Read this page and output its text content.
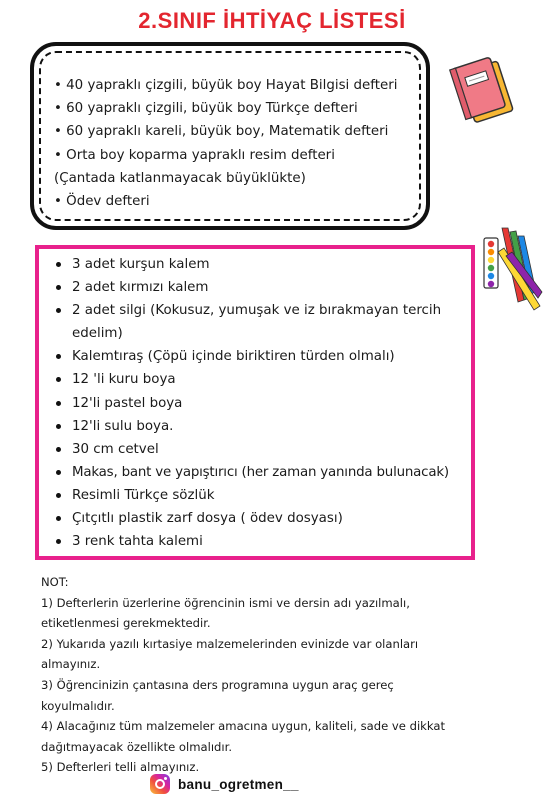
2.SINIF İHTİYAÇ LİSTESİ
• 40 yapraklı çizgili, büyük boy Hayat Bilgisi defteri
• 60 yapraklı çizgili, büyük boy Türkçe defteri
• 60 yapraklı kareli, büyük boy, Matematik defteri
• Orta boy koparma yapraklı resim defteri
(Çantada katlanmayacak büyüklükte)
• Ödev defteri
3 adet kurşun kalem
2 adet kırmızı kalem
2 adet silgi (Kokusuz, yumuşak ve iz bırakmayan tercih edelim)
Kalemtıraş (Çöpü içinde biriktiren türden olmalı)
12 'li kuru boya
12'li pastel boya
12'li sulu boya.
30 cm cetvel
Makas, bant ve yapıştırıcı (her zaman yanında bulunacak)
Resimli Türkçe sözlük
Çıtçıtlı plastik zarf dosya ( ödev dosyası)
3 renk tahta kalemi
NOT:
1) Defterlerin üzerlerine öğrencinin ismi ve dersin adı yazılmalı,
etiketlenmesi gerekmektedir.
2) Yukarıda yazılı kırtasiye malzemelerinden evinizde var olanları
almayınız.
3) Öğrencinizin çantasına ders programına uygun araç gereç
koyulmalıdır.
4) Alacağınız tüm malzemeler amacına uygun, kaliteli, sade ve dikkat
dağıtmayacak özellikte olmalıdır.
5) Defterleri telli almayınız.
banu_ogretmen__
